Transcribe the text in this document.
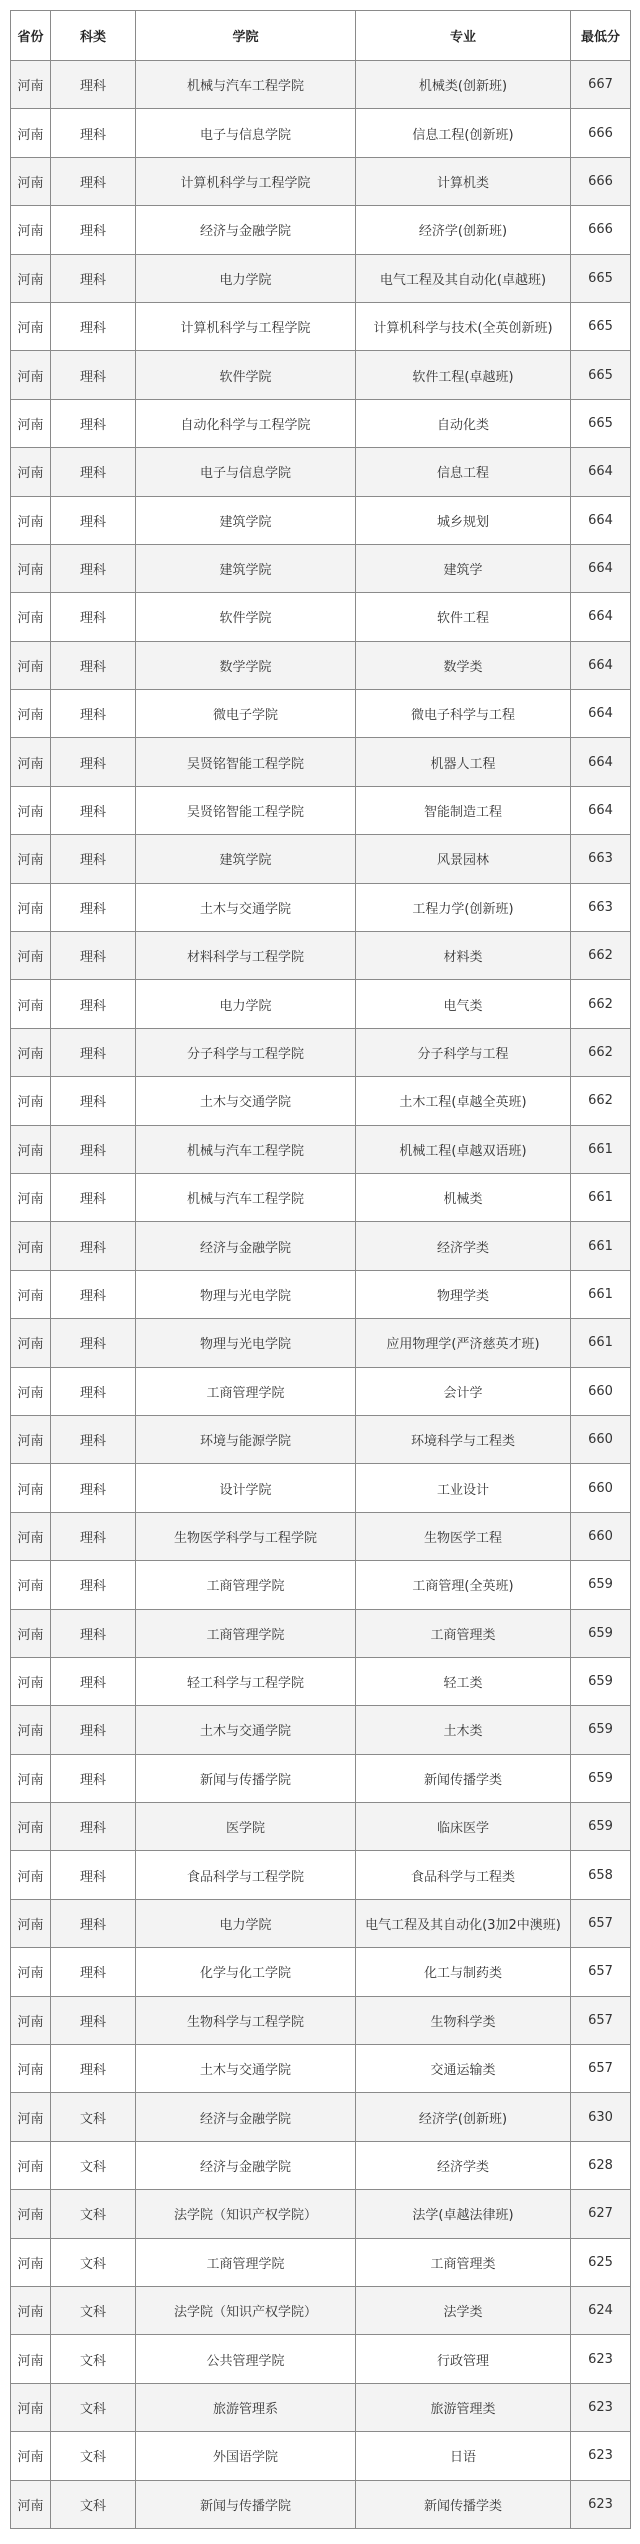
省份	科类	学院	专业	最低分
河南	理科	机械与汽车工程学院	机械类(创新班)	667
河南	理科	电子与信息学院	信息工程(创新班)	666
河南	理科	计算机科学与工程学院	计算机类	666
河南	理科	经济与金融学院	经济学(创新班)	666
河南	理科	电力学院	电气工程及其自动化(卓越班)	665
河南	理科	计算机科学与工程学院	计算机科学与技术(全英创新班)	665
河南	理科	软件学院	软件工程(卓越班)	665
河南	理科	自动化科学与工程学院	自动化类	665
河南	理科	电子与信息学院	信息工程	664
河南	理科	建筑学院	城乡规划	664
河南	理科	建筑学院	建筑学	664
河南	理科	软件学院	软件工程	664
河南	理科	数学学院	数学类	664
河南	理科	微电子学院	微电子科学与工程	664
河南	理科	吴贤铭智能工程学院	机器人工程	664
河南	理科	吴贤铭智能工程学院	智能制造工程	664
河南	理科	建筑学院	风景园林	663
河南	理科	土木与交通学院	工程力学(创新班)	663
河南	理科	材料科学与工程学院	材料类	662
河南	理科	电力学院	电气类	662
河南	理科	分子科学与工程学院	分子科学与工程	662
河南	理科	土木与交通学院	土木工程(卓越全英班)	662
河南	理科	机械与汽车工程学院	机械工程(卓越双语班)	661
河南	理科	机械与汽车工程学院	机械类	661
河南	理科	经济与金融学院	经济学类	661
河南	理科	物理与光电学院	物理学类	661
河南	理科	物理与光电学院	应用物理学(严济慈英才班)	661
河南	理科	工商管理学院	会计学	660
河南	理科	环境与能源学院	环境科学与工程类	660
河南	理科	设计学院	工业设计	660
河南	理科	生物医学科学与工程学院	生物医学工程	660
河南	理科	工商管理学院	工商管理(全英班)	659
河南	理科	工商管理学院	工商管理类	659
河南	理科	轻工科学与工程学院	轻工类	659
河南	理科	土木与交通学院	土木类	659
河南	理科	新闻与传播学院	新闻传播学类	659
河南	理科	医学院	临床医学	659
河南	理科	食品科学与工程学院	食品科学与工程类	658
河南	理科	电力学院	电气工程及其自动化(3加2中澳班)	657
河南	理科	化学与化工学院	化工与制药类	657
河南	理科	生物科学与工程学院	生物科学类	657
河南	理科	土木与交通学院	交通运输类	657
河南	文科	经济与金融学院	经济学(创新班)	630
河南	文科	经济与金融学院	经济学类	628
河南	文科	法学院（知识产权学院）	法学(卓越法律班)	627
河南	文科	工商管理学院	工商管理类	625
河南	文科	法学院（知识产权学院）	法学类	624
河南	文科	公共管理学院	行政管理	623
河南	文科	旅游管理系	旅游管理类	623
河南	文科	外国语学院	日语	623
河南	文科	新闻与传播学院	新闻传播学类	623
